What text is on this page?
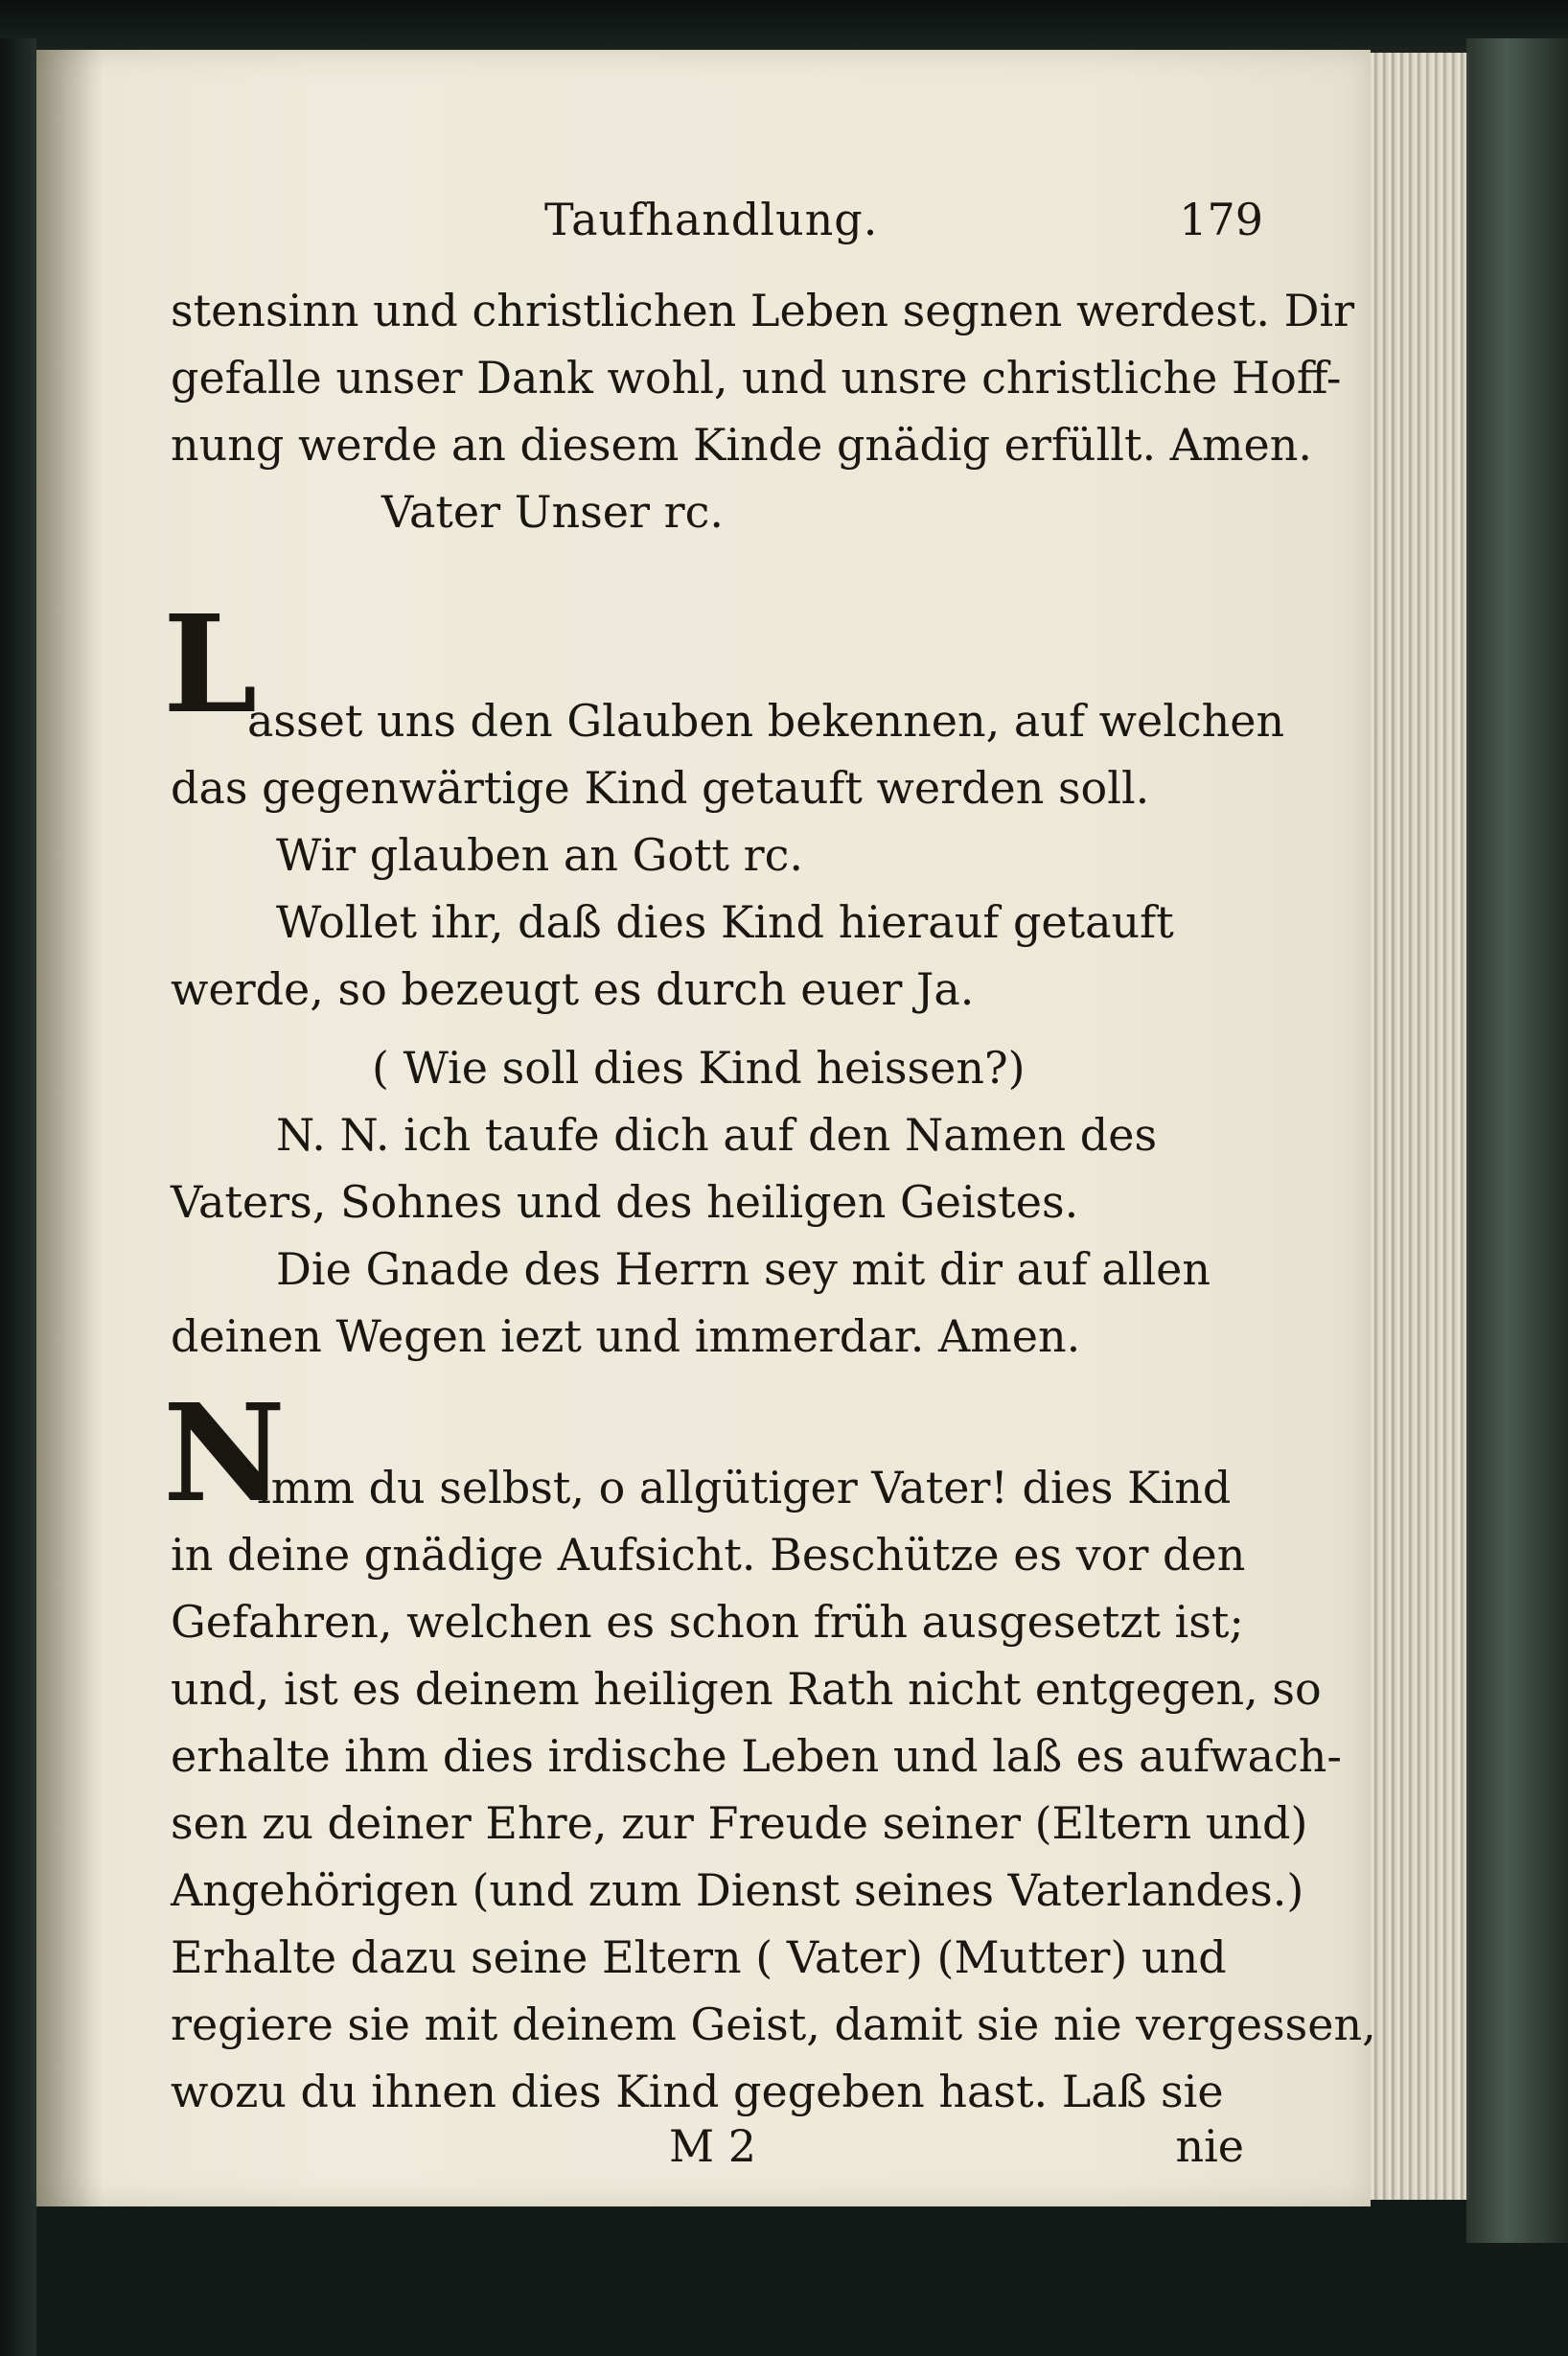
Taufhandlung.	179
stensinn und christlichen Leben segnen werdest. Dir
gefalle unser Dank wohl, und unsre christliche Hoff-
nung werde an diesem Kinde gnädig erfüllt. Amen.
Vater Unser rc.
L
asset uns den Glauben bekennen, auf welchen
das gegenwärtige Kind getauft werden soll.
Wir glauben an Gott rc.
Wollet ihr, daß dies Kind hierauf getauft
werde, so bezeugt es durch euer Ja.
( Wie soll dies Kind heissen?)
N. N. ich taufe dich auf den Namen des
Vaters, Sohnes und des heiligen Geistes.
Die Gnade des Herrn sey mit dir auf allen
deinen Wegen iezt und immerdar. Amen.
N
imm du selbst, o allgütiger Vater! dies Kind
in deine gnädige Aufsicht. Beschütze es vor den
Gefahren, welchen es schon früh ausgesetzt ist;
und, ist es deinem heiligen Rath nicht entgegen, so
erhalte ihm dies irdische Leben und laß es aufwach-
sen zu deiner Ehre, zur Freude seiner (Eltern und)
Angehörigen (und zum Dienst seines Vaterlandes.)
Erhalte dazu seine Eltern ( Vater) (Mutter) und
regiere sie mit deinem Geist, damit sie nie vergessen,
wozu du ihnen dies Kind gegeben hast. Laß sie
M 2	nie
